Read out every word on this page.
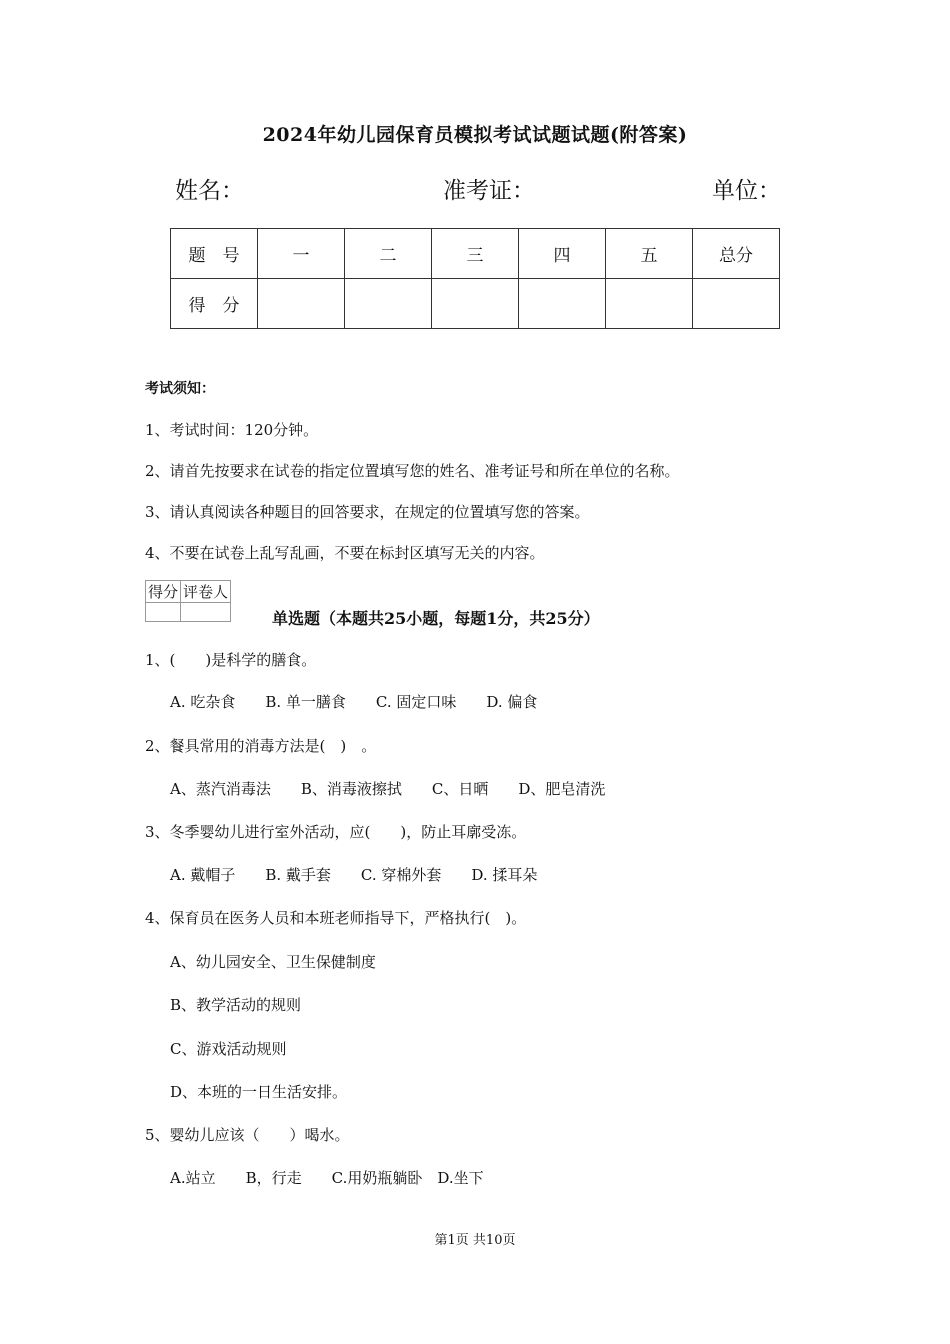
2024年幼儿园保育员模拟考试试题试题(附答案)
姓名：	准考证：	单位：
题　号	一	二	三	四	五	总分
得　分						
考试须知：
1、考试时间：120分钟。
2、请首先按要求在试卷的指定位置填写您的姓名、准考证号和所在单位的名称。
3、请认真阅读各种题目的回答要求，在规定的位置填写您的答案。
4、不要在试卷上乱写乱画，不要在标封区填写无关的内容。
得分	评卷人

单选题（本题共25小题，每题1分，共25分）
1、(　　)是科学的膳食。
A. 吃杂食　　B. 单一膳食　　C. 固定口味　　D. 偏食
2、餐具常用的消毒方法是(　)　。
A、蒸汽消毒法　　B、消毒液擦拭　　C、日晒　　D、肥皂清洗
3、冬季婴幼儿进行室外活动，应(　　)，防止耳廓受冻。
A. 戴帽子　　B. 戴手套　　C. 穿棉外套　　D. 揉耳朵
4、保育员在医务人员和本班老师指导下，严格执行(　)。
A、幼儿园安全、卫生保健制度
B、教学活动的规则
C、游戏活动规则
D、本班的一日生活安排。
5、婴幼儿应该（　　）喝水。
A.站立　　B，行走　　C.用奶瓶躺卧　D.坐下
第1页 共10页
